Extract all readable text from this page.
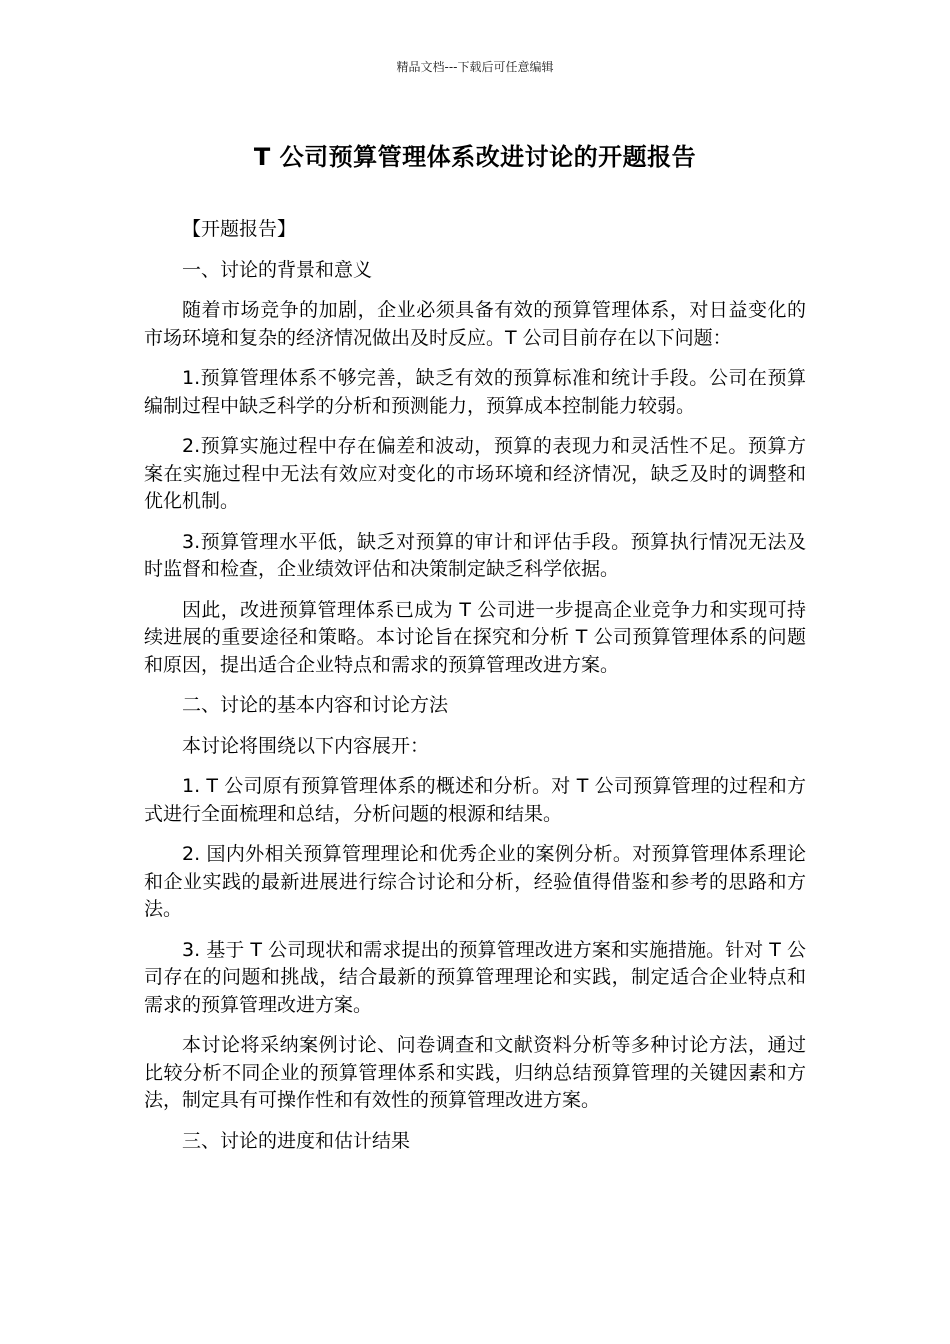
精品文档---下载后可任意编辑
T 公司预算管理体系改进讨论的开题报告

【开题报告】

一、讨论的背景和意义

随着市场竞争的加剧，企业必须具备有效的预算管理体系，对日益变化的市场环境和复杂的经济情况做出及时反应。T 公司目前存在以下问题：

1.预算管理体系不够完善，缺乏有效的预算标准和统计手段。公司在预算编制过程中缺乏科学的分析和预测能力，预算成本控制能力较弱。

2.预算实施过程中存在偏差和波动，预算的表现力和灵活性不足。预算方案在实施过程中无法有效应对变化的市场环境和经济情况，缺乏及时的调整和优化机制。

3.预算管理水平低，缺乏对预算的审计和评估手段。预算执行情况无法及时监督和检查，企业绩效评估和决策制定缺乏科学依据。

因此，改进预算管理体系已成为 T 公司进一步提高企业竞争力和实现可持续进展的重要途径和策略。本讨论旨在探究和分析 T 公司预算管理体系的问题和原因，提出适合企业特点和需求的预算管理改进方案。

二、讨论的基本内容和讨论方法

本讨论将围绕以下内容展开：

1. T 公司原有预算管理体系的概述和分析。对 T 公司预算管理的过程和方式进行全面梳理和总结，分析问题的根源和结果。

2. 国内外相关预算管理理论和优秀企业的案例分析。对预算管理体系理论和企业实践的最新进展进行综合讨论和分析，经验值得借鉴和参考的思路和方法。

3. 基于 T 公司现状和需求提出的预算管理改进方案和实施措施。针对 T 公司存在的问题和挑战，结合最新的预算管理理论和实践，制定适合企业特点和需求的预算管理改进方案。

本讨论将采纳案例讨论、问卷调查和文献资料分析等多种讨论方法，通过比较分析不同企业的预算管理体系和实践，归纳总结预算管理的关键因素和方法，制定具有可操作性和有效性的预算管理改进方案。

三、讨论的进度和估计结果
